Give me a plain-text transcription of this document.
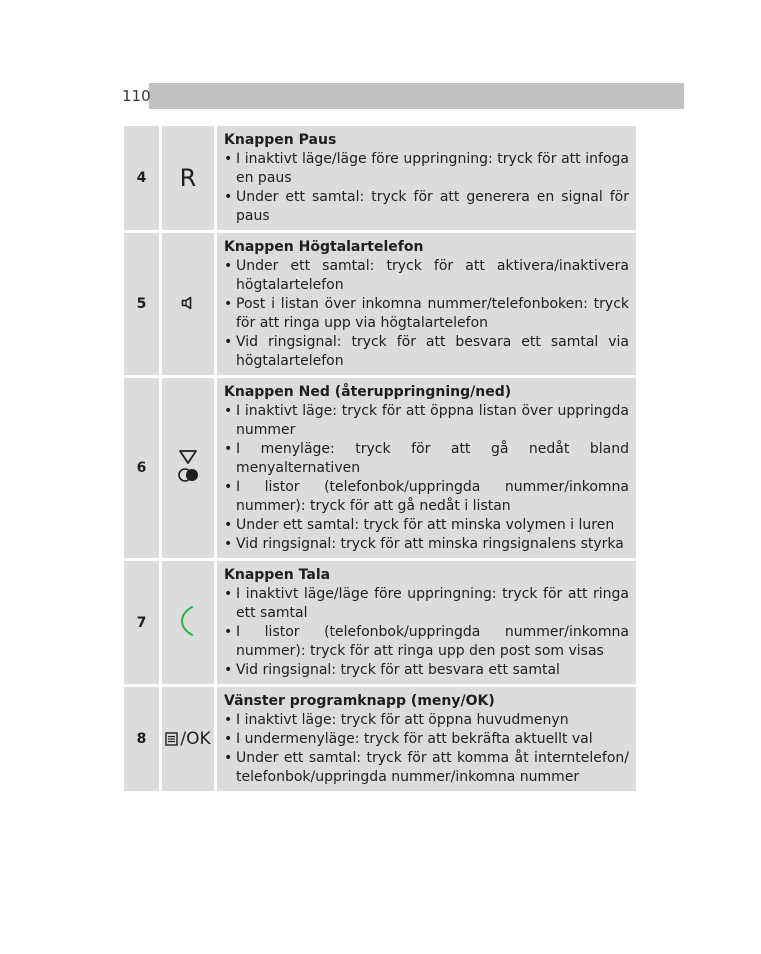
110
4	R
Knappen Paus
• I inaktivt läge/läge före uppringning: tryck för att infoga en paus
• Under ett samtal: tryck för att generera en signal för paus
5
Knappen Högtalartelefon
• Under ett samtal: tryck för att aktivera/inaktivera högtalartelefon
• Post i listan över inkomna nummer/telefonboken: tryck för att ringa upp via högtalartelefon
• Vid ringsignal: tryck för att besvara ett samtal via högtalartelefon
6
Knappen Ned (återuppringning/ned)
• I inaktivt läge: tryck för att öppna listan över uppringda nummer
• I menyläge: tryck för att gå nedåt bland menyalternativen
• I listor (telefonbok/uppringda nummer/inkomna nummer): tryck för att gå nedåt i listan
• Under ett samtal: tryck för att minska volymen i luren
• Vid ringsignal: tryck för att minska ringsignalens styrka
7
Knappen Tala
• I inaktivt läge/läge före uppringning: tryck för att ringa ett samtal
• I listor (telefonbok/uppringda nummer/inkomna nummer): tryck för att ringa upp den post som visas
• Vid ringsignal: tryck för att besvara ett samtal
8	/OK
Vänster programknapp (meny/OK)
• I inaktivt läge: tryck för att öppna huvudmenyn
• I undermenyläge: tryck för att bekräfta aktuellt val
• Under ett samtal: tryck för att komma åt interntelefon/ telefonbok/uppringda nummer/inkomna nummer
